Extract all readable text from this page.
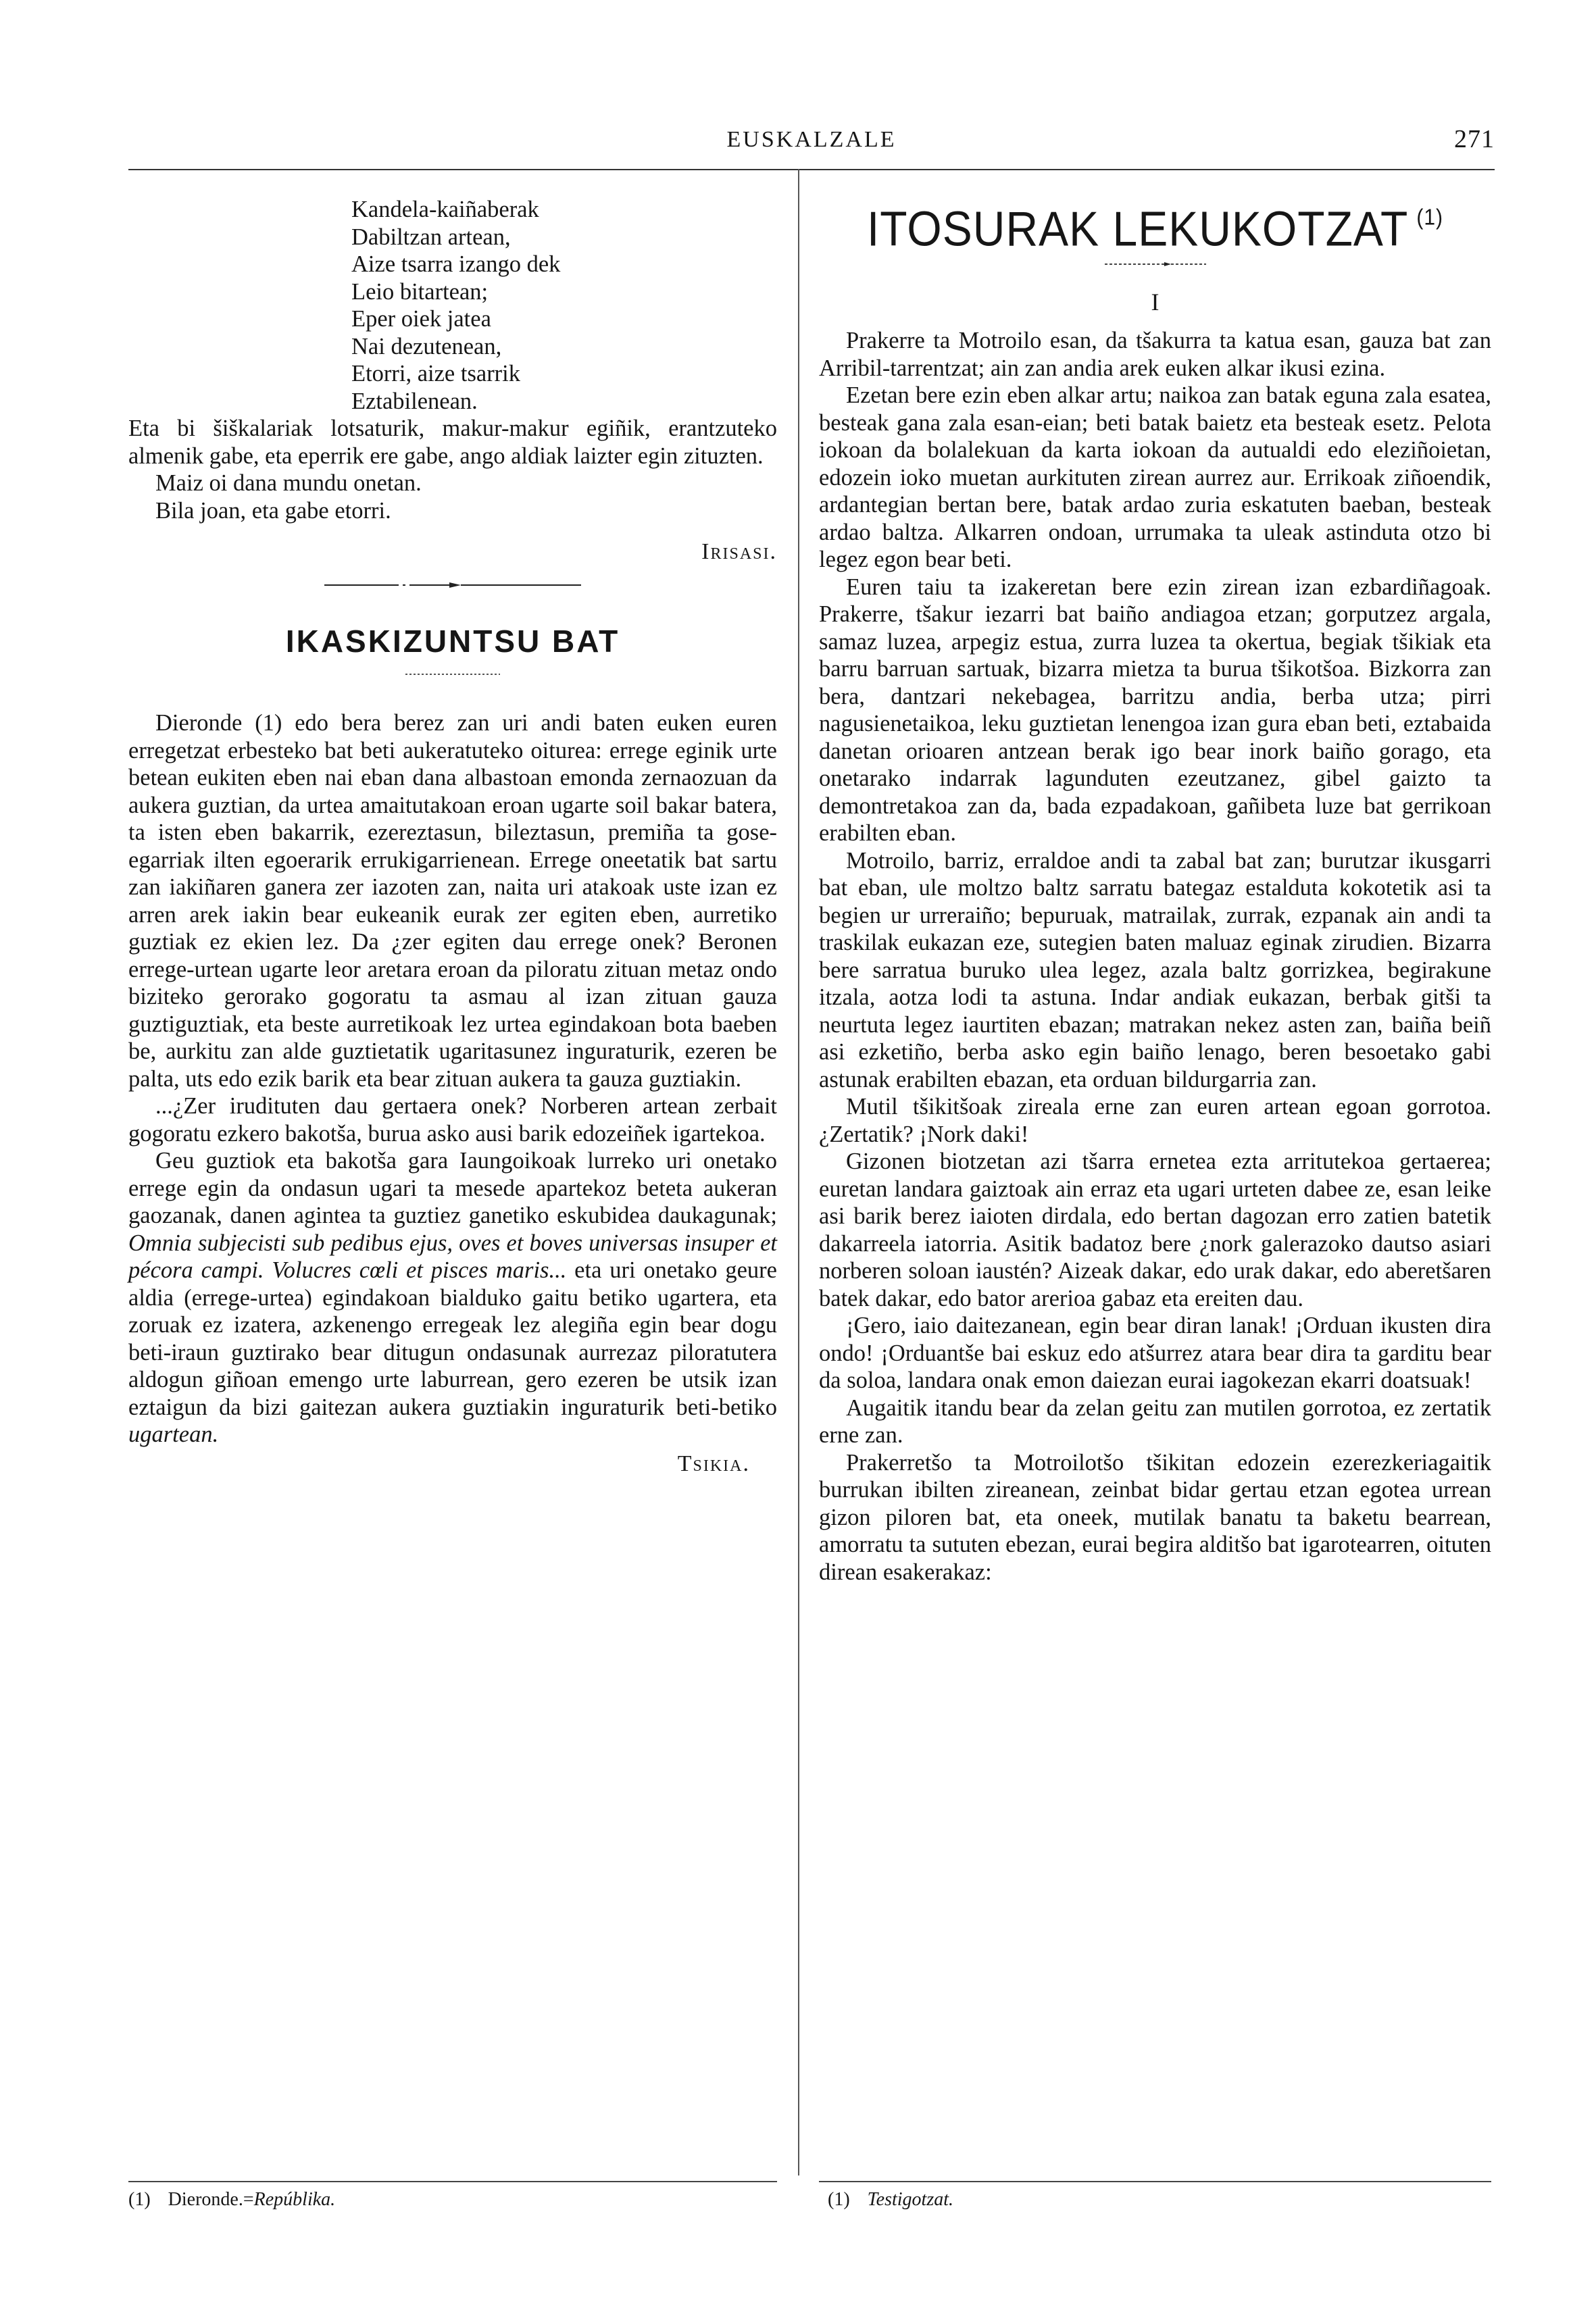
EUSKALZALE	271
Kandela-kaiñaberak
Dabiltzan artean,
Aize tsarra izango dek
Leio bitartean;
Eper oiek jatea
Nai dezutenean,
Etorri, aize tsarrik
Eztabilenean.

Eta bi šiškalariak lotsaturik, makur-makur egiñik, erantzuteko almenik gabe, eta eperrik ere gabe, ango aldiak laizter egin zituzten.

Maiz oi dana mundu onetan.

Bila joan, eta gabe etorri.

Irisasi.
IKASKIZUNTSU BAT

Dieronde (1) edo bera berez zan uri andi baten euken euren erregetzat erbesteko bat beti aukeratuteko oiturea: errege eginik urte betean eukiten eben nai eban dana albastoan emonda zernaozuan da aukera guztian, da urtea amaitutakoan eroan ugarte soil bakar batera, ta isten eben bakarrik, ezereztasun, bileztasun, premiña ta gose-egarriak ilten egoerarik errukigarrienean. Errege oneetatik bat sartu zan iakiñaren ganera zer iazoten zan, naita uri atakoak uste izan ez arren arek iakin bear eukeanik eurak zer egiten eben, aurretiko guztiak ez ekien lez. Da ¿zer egiten dau errege onek? Beronen errege-urtean ugarte leor aretara eroan da piloratu zituan metaz ondo biziteko gerorako gogoratu ta asmau al izan zituan gauza guztiguztiak, eta beste aurretikoak lez urtea egindakoan bota baeben be, aurkitu zan alde guztietatik ugaritasunez inguraturik, ezeren be palta, uts edo ezik barik eta bear zituan aukera ta gauza guztiakin.

...¿Zer irudituten dau gertaera onek? Norberen artean zerbait gogoratu ezkero bakotša, burua asko ausi barik edozeiñek igartekoa.

Geu guztiok eta bakotša gara Iaungoikoak lurreko uri onetako errege egin da ondasun ugari ta mesede apartekoz beteta aukeran gaozanak, danen agintea ta guztiez ganetiko eskubidea daukagunak; Omnia subjecisti sub pedibus ejus, oves et boves universas insuper et pécora campi. Volucres cœli et pisces maris... eta uri onetako geure aldia (errege-urtea) egindakoan bialduko gaitu betiko ugartera, eta zoruak ez izatera, azkenengo erregeak lez alegiña egin bear dogu beti-iraun guztirako bear ditugun ondasunak aurrezaz piloratutera aldogun giñoan emengo urte laburrean, gero ezeren be utsik izan eztaigun da bizi gaitezan aukera guztiakin inguraturik beti-betiko ugartean.

Tsikia.
ITOSURAK LEKUKOTZAT $^{(1)}$
I

Prakerre ta Motroilo esan, da tšakurra ta katua esan, gauza bat zan Arribil-tarrentzat; ain zan andia arek euken alkar ikusi ezina.

Ezetan bere ezin eben alkar artu; naikoa zan batak eguna zala esatea, besteak gana zala esan-eian; beti batak baietz eta besteak esetz. Pelota iokoan da bolalekuan da karta iokoan da autualdi edo eleziñoietan, edozein ioko muetan aurkituten zirean aurrez aur. Errikoak ziñoendik, ardantegian bertan bere, batak ardao zuria eskatuten baeban, besteak ardao baltza. Alkarren ondoan, urrumaka ta uleak astinduta otzo bi legez egon bear beti.

Euren taiu ta izakeretan bere ezin zirean izan ezbardiñagoak. Prakerre, tšakur iezarri bat baiño andiagoa etzan; gorputzez argala, samaz luzea, arpegiz estua, zurra luzea ta okertua, begiak tšikiak eta barru barruan sartuak, bizarra mietza ta burua tšikotšoa. Bizkorra zan bera, dantzari nekebagea, barritzu andia, berba utza; pirri nagusienetaikoa, leku guztietan lenengoa izan gura eban beti, eztabaida danetan orioaren antzean berak igo bear inork baiño gorago, eta onetarako indarrak lagunduten ezeutzanez, gibel gaizto ta demontretakoa zan da, bada ezpadakoan, gañibeta luze bat gerrikoan erabilten eban.

Motroilo, barriz, erraldoe andi ta zabal bat zan; burutzar ikusgarri bat eban, ule moltzo baltz sarratu bategaz estalduta kokotetik asi ta begien ur urreraiño; bepuruak, matrailak, zurrak, ezpanak ain andi ta traskilak eukazan eze, sutegien baten maluaz eginak zirudien. Bizarra bere sarratua buruko ulea legez, azala baltz gorrizkea, begirakune itzala, aotza lodi ta astuna. Indar andiak eukazan, berbak gitši ta neurtuta legez iaurtiten ebazan; matrakan nekez asten zan, baiña beiñ asi ezketiño, berba asko egin baiño lenago, beren besoetako gabi astunak erabilten ebazan, eta orduan bildurgarria zan.

Mutil tšikitšoak zireala erne zan euren artean egoan gorrotoa. ¿Zertatik? ¡Nork daki!

Gizonen biotzetan azi tšarra ernetea ezta arritutekoa gertaerea; euretan landara gaiztoak ain erraz eta ugari urteten dabee ze, esan leike asi barik berez iaioten dirdala, edo bertan dagozan erro zatien batetik dakarreela iatorria. Asitik badatoz bere ¿nork galerazoko dautso asiari norberen soloan iaustén? Aizeak dakar, edo urak dakar, edo aberetšaren batek dakar, edo bator arerioa gabaz eta ereiten dau.

¡Gero, iaio daitezanean, egin bear diran lanak! ¡Orduan ikusten dira ondo! ¡Orduantše bai eskuz edo atšurrez atara bear dira ta garditu bear da soloa, landara onak emon daiezan eurai iagokezan ekarri doatsuak!

Augaitik itandu bear da zelan geitu zan mutilen gorrotoa, ez zertatik erne zan.

Prakerretšo ta Motroilotšo tšikitan edozein ezerezkeriagaitik burrukan ibilten zireanean, zeinbat bidar gertau etzan egotea urrean gizon piloren bat, eta oneek, mutilak banatu ta baketu bearrean, amorratu ta sututen ebezan, eurai begira alditšo bat igarotearren, oituten direan esakerakaz:

(1) Dieronde.=Repúblika.	(1) Testigotzat.
